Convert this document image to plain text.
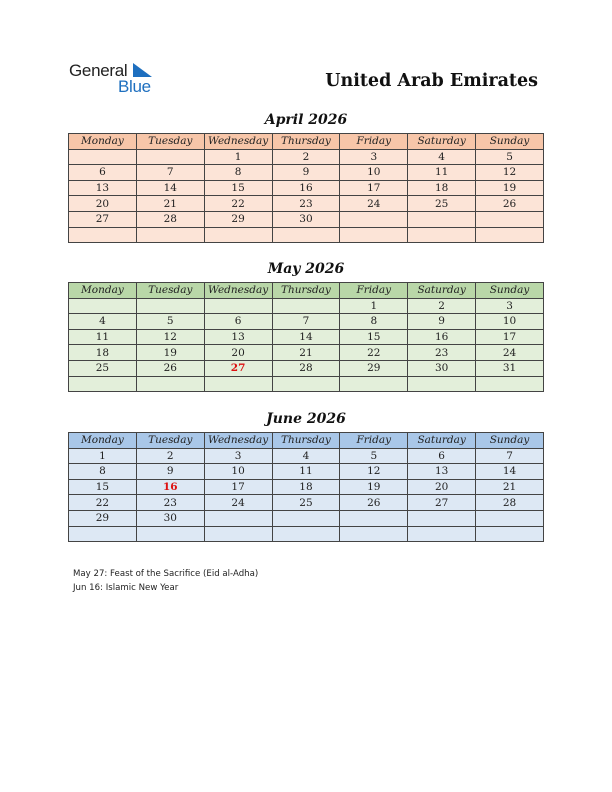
General
Blue	United Arab Emirates
April 2026
Monday	Tuesday	Wednesday	Thursday	Friday	Saturday	Sunday
		1	2	3	4	5
6	7	8	9	10	11	12
13	14	15	16	17	18	19
20	21	22	23	24	25	26
27	28	29	30			

May 2026
Monday	Tuesday	Wednesday	Thursday	Friday	Saturday	Sunday
				1	2	3
4	5	6	7	8	9	10
11	12	13	14	15	16	17
18	19	20	21	22	23	24
25	26	27	28	29	30	31

June 2026
Monday	Tuesday	Wednesday	Thursday	Friday	Saturday	Sunday
1	2	3	4	5	6	7
8	9	10	11	12	13	14
15	16	17	18	19	20	21
22	23	24	25	26	27	28
29	30					

May 27: Feast of the Sacrifice (Eid al-Adha)
Jun 16: Islamic New Year
